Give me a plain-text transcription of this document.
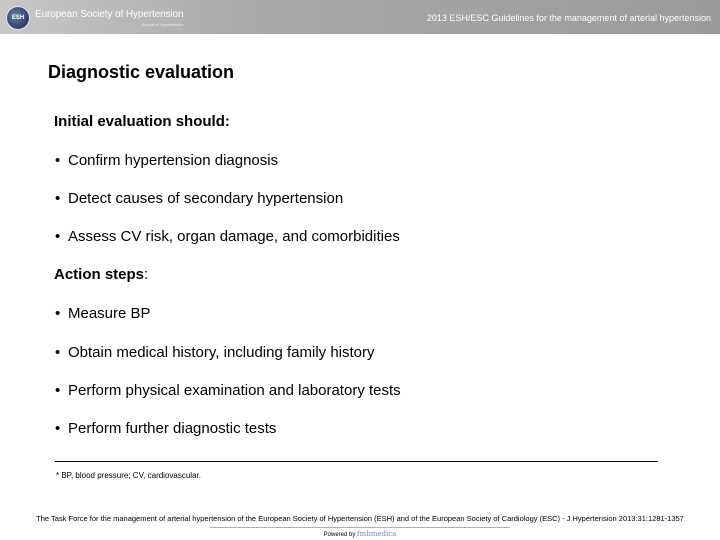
ESH European Society of Hypertension
Journal of Hypertension
2013 ESH/ESC Guidelines for the management of arterial hypertension
Diagnostic evaluation
Initial evaluation should:
• Confirm hypertension diagnosis
• Detect causes of secondary hypertension
• Assess CV risk, organ damage, and comorbidities
Action steps:
• Measure BP
• Obtain medical history, including family history
• Perform physical examination and laboratory tests
• Perform further diagnostic tests
* BP, blood pressure; CV, cardiovascular.
The Task Force for the management of arterial hypertension of the European Society of Hypertension (ESH) and of the European Society of Cardiology (ESC) - J Hypertension 2013:31:1281-1357
Powered by fmbmedica
